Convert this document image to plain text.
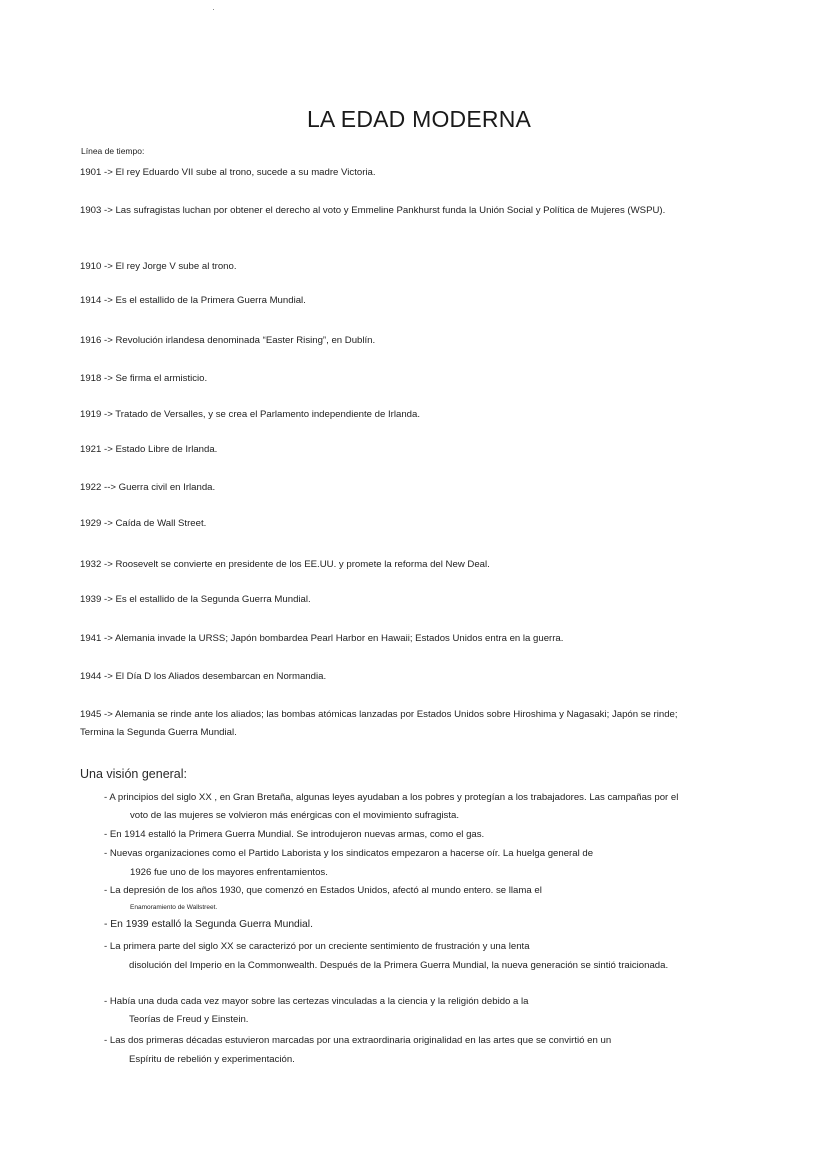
·
LA EDAD MODERNA
Línea de tiempo:
1901 -> El rey Eduardo VII sube al trono, sucede a su madre Victoria.
1903 -> Las sufragistas luchan por obtener el derecho al voto y Emmeline Pankhurst funda la Unión Social y Política de Mujeres (WSPU).
1910 -> El rey Jorge V sube al trono.
1914 -> Es el estallido de la Primera Guerra Mundial.
1916 -> Revolución irlandesa denominada “Easter Rising”, en Dublín.
1918 -> Se firma el armisticio.
1919 -> Tratado de Versalles, y se crea el Parlamento independiente de Irlanda.
1921 -> Estado Libre de Irlanda.
1922 --> Guerra civil en Irlanda.
1929 -> Caída de Wall Street.
1932 -> Roosevelt se convierte en presidente de los EE.UU. y promete la reforma del New Deal.
1939 -> Es el estallido de la Segunda Guerra Mundial.
1941 -> Alemania invade la URSS; Japón bombardea Pearl Harbor en Hawaii; Estados Unidos entra en la guerra.
1944 -> El Día D los Aliados desembarcan en Normandia.
1945 -> Alemania se rinde ante los aliados; las bombas atómicas lanzadas por Estados Unidos sobre Hiroshima y Nagasaki; Japón se rinde;
Termina la Segunda Guerra Mundial.
Una visión general:
- A principios del siglo XX , en Gran Bretaña, algunas leyes ayudaban a los pobres y protegían a los trabajadores. Las campañas por el
voto de las mujeres se volvieron más enérgicas con el movimiento sufragista.
- En 1914 estalló la Primera Guerra Mundial. Se introdujeron nuevas armas, como el gas.
- Nuevas organizaciones como el Partido Laborista y los sindicatos empezaron a hacerse oír. La huelga general de
1926 fue uno de los mayores enfrentamientos.
- La depresión de los años 1930, que comenzó en Estados Unidos, afectó al mundo entero. se llama el
Enamoramiento de Wallstreet.
- En 1939 estalló la Segunda Guerra Mundial.
- La primera parte del siglo XX se caracterizó por un creciente sentimiento de frustración y una lenta
disolución del Imperio en la Commonwealth. Después de la Primera Guerra Mundial, la nueva generación se sintió traicionada.
- Había una duda cada vez mayor sobre las certezas vinculadas a la ciencia y la religión debido a la
Teorías de Freud y Einstein.
- Las dos primeras décadas estuvieron marcadas por una extraordinaria originalidad en las artes que se convirtió en un
Espíritu de rebelión y experimentación.
